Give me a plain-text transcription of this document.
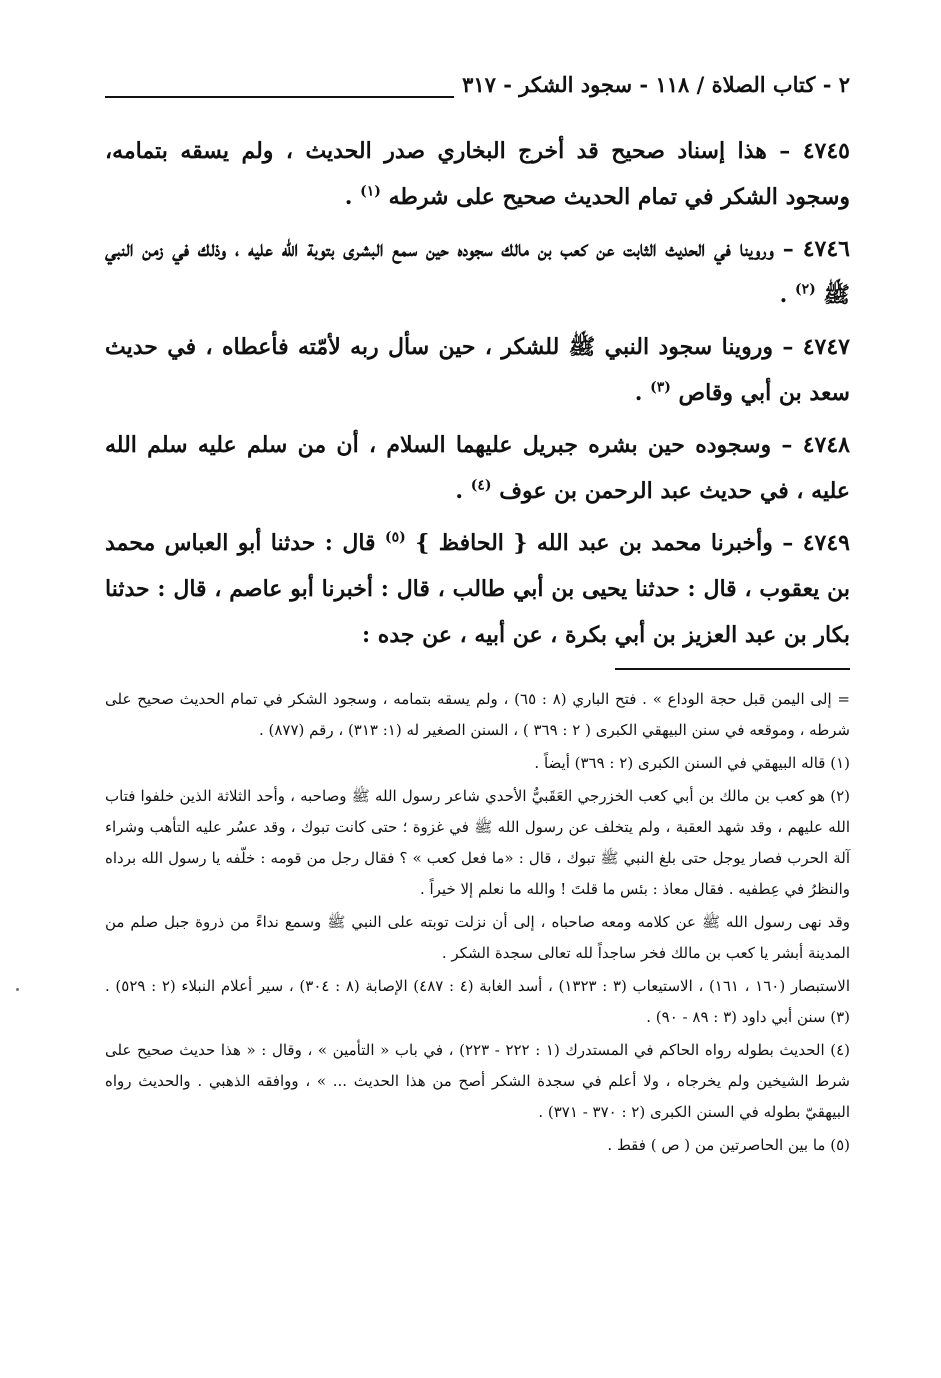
٢ - كتاب الصلاة / ١١٨ - سجود الشكر - ٣١٧

٤٧٤٥ – هذا إسناد صحيح قد أخرج البخاري صدر الحديث ، ولم يسقه بتمامه، وسجود الشكر في تمام الحديث صحيح على شرطه $^{(١)}$ .

٤٧٤٦ – وروينا في الحديث الثابت عن كعب بن مالك سجوده حين سمع البشرى بتوبة الله عليه ، وذلك في زمن النبي ﷺ $^{(٢)}$ .

٤٧٤٧ – وروينا سجود النبي ﷺ للشكر ، حين سأل ربه لأمّته فأعطاه ، في حديث سعد بن أبي وقاص $^{(٣)}$ .

٤٧٤٨ – وسجوده حين بشره جبريل عليهما السلام ، أن من سلم عليه سلم الله عليه ، في حديث عبد الرحمن بن عوف $^{(٤)}$ .

٤٧٤٩ – وأخبرنا محمد بن عبد الله { الحافظ } $^{(٥)}$ قال : حدثنا أبو العباس محمد بن يعقوب ، قال : حدثنا يحيى بن أبي طالب ، قال : أخبرنا أبو عاصم ، قال : حدثنا بكار بن عبد العزيز بن أبي بكرة ، عن أبيه ، عن جده :

= إلى اليمن قبل حجة الوداع » . فتح الباري (٨ : ٦٥) ، ولم يسقه بتمامه ، وسجود الشكر في تمام الحديث صحيح على شرطه ، وموقعه في سنن البيهقي الكبرى ( ٢ : ٣٦٩ ) ، السنن الصغير له (١: ٣١٣) ، رقم (٨٧٧) .

(١) قاله البيهقي في السنن الكبرى (٢ : ٣٦٩) أيضاً .

(٢) هو كعب بن مالك بن أبي كعب الخزرجي العَقَبيُّ الأحدي شاعر رسول الله ﷺ وصاحبه ، وأحد الثلاثة الذين خلفوا فتاب الله عليهم ، وقد شهد العقبة ، ولم يتخلف عن رسول الله ﷺ في غزوة ؛ حتى كانت تبوك ، وقد عسُر عليه التأهب وشراء آلة الحرب فصار يوجل حتى بلغ النبي ﷺ تبوك ، قال : «ما فعل كعب » ؟ فقال رجل من قومه : خلّفه يا رسول الله برداه والنظرُ في عِطفيه . فقال معاذ : بئس ما قلتَ ! والله ما نعلم إلا خيراً .

وقد نهى رسول الله ﷺ عن كلامه ومعه صاحباه ، إلى أن نزلت توبته على النبي ﷺ وسمع نداءً من ذروة جبل صلم من المدينة أبشر يا كعب بن مالك فخر ساجداً لله تعالى سجدة الشكر .

الاستبصار (١٦٠ ، ١٦١) ، الاستيعاب (٣ : ١٣٢٣) ، أسد الغابة (٤ : ٤٨٧) الإصابة (٨ : ٣٠٤) ، سير أعلام النبلاء (٢ : ٥٢٩) . (٣) سنن أبي داود (٣ : ٨٩ - ٩٠) .

(٤) الحديث بطوله رواه الحاكم في المستدرك (١ : ٢٢٢ - ٢٢٣) ، في باب « التأمين » ، وقال : « هذا حديث صحيح على شرط الشيخين ولم يخرجاه ، ولا أعلم في سجدة الشكر أصح من هذا الحديث ... » ، ووافقه الذهبي . والحديث رواه البيهقيّ بطوله في السنن الكبرى (٢ : ٣٧٠ - ٣٧١) .

(٥) ما بين الحاصرتين من ( ص ) فقط .
